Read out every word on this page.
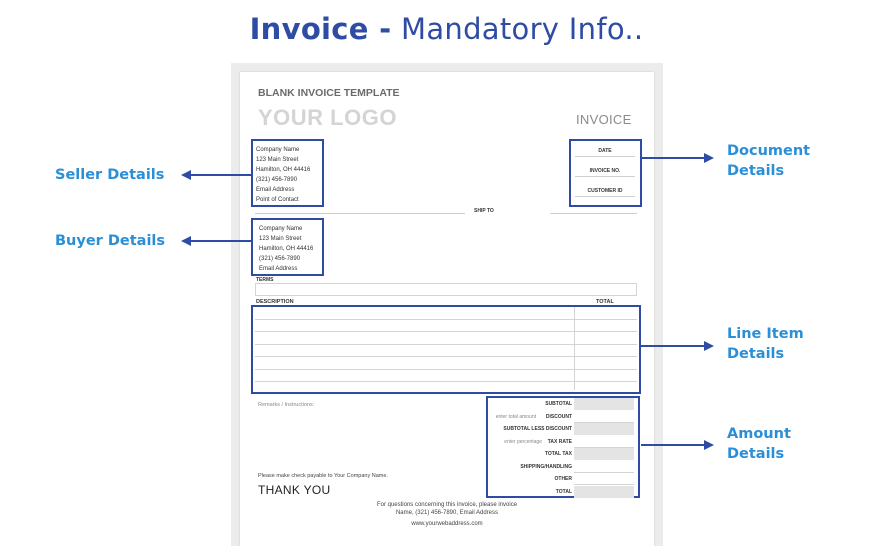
Invoice - Mandatory Info..
BLANK INVOICE TEMPLATE
YOUR LOGO	INVOICE
Company Name
123 Main Street
Hamilton, OH 44416
(321) 456-7890
Email Address
Point of Contact
DATE
INVOICE NO.
CUSTOMER ID
SHIP TO
Company Name
123 Main Street
Hamilton, OH 44416
(321) 456-7890
Email Address
TERMS
DESCRIPTION	TOTAL
Remarks / Instructions:	SUBTOTAL
enter total amount DISCOUNT
SUBTOTAL LESS DISCOUNT
enter percentage TAX RATE
TOTAL TAX
SHIPPING/HANDLING
OTHER
TOTAL
Please make check payable to Your Company Name.
THANK YOU
For questions concerning this invoice, please invoice
Name, (321) 456-7890, Email Address
www.yourwebaddress.com
Seller Details
Buyer Details
Document
Details
Line Item
Details
Amount
Details
